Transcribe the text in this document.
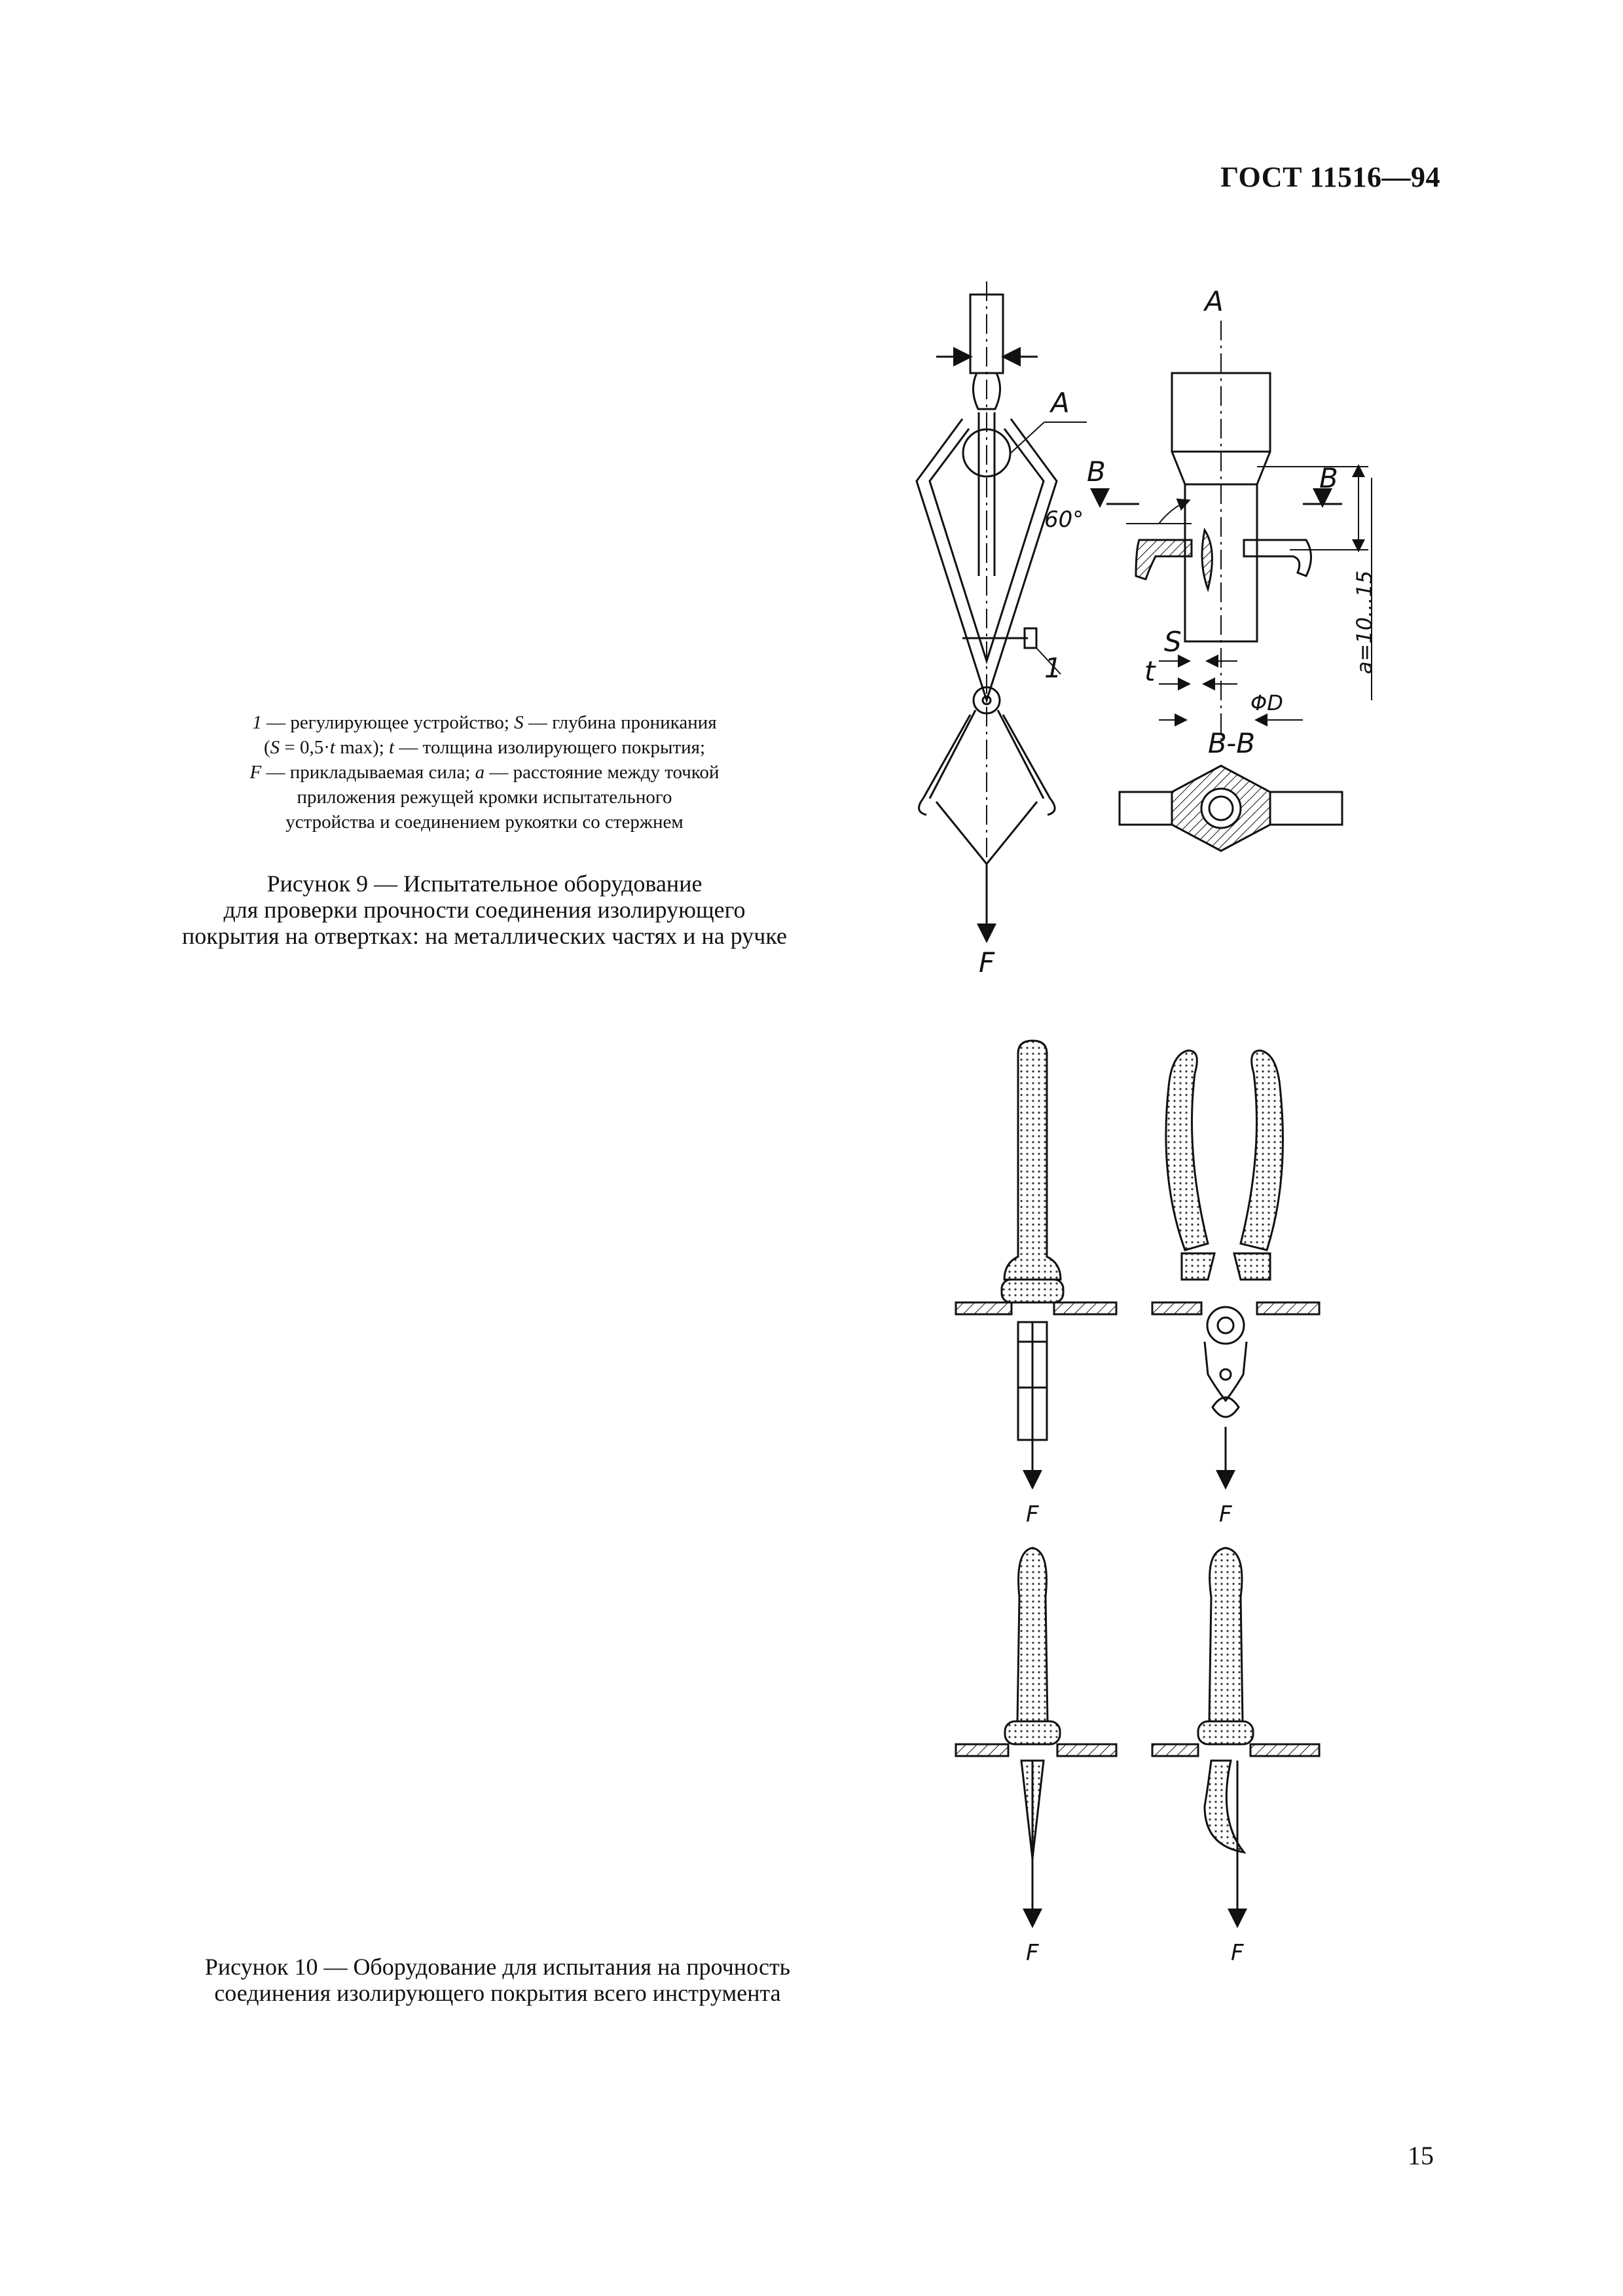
ГОСТ 11516—94
A
A
1
F
B	B
60°
S
t
ΦD
B-B
a=10...15
1 — регулирующее устройство; S — глубина проникания
(S = 0,5·t max); t — толщина изолирующего покрытия;
F — прикладываемая сила; a — расстояние между точкой
приложения режущей кромки испытательного
устройства и соединением рукоятки со стержнем
Рисунок 9 — Испытательное оборудование
для проверки прочности соединения изолирующего
покрытия на отвертках: на металлических частях и на ручке
F	F
F	F
Рисунок 10 — Оборудование для испытания на прочность
соединения изолирующего покрытия всего инструмента
15
